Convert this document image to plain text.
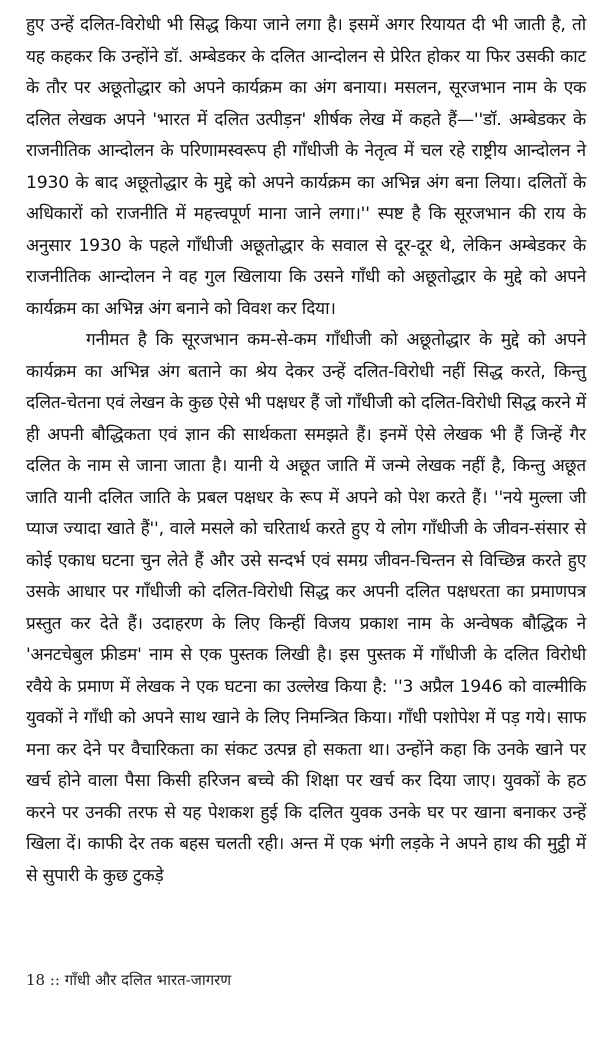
हुए उन्हें दलित-विरोधी भी सिद्ध किया जाने लगा है। इसमें अगर रियायत दी भी जाती है, तो यह कहकर कि उन्होंने डॉ. अम्बेडकर के दलित आन्दोलन से प्रेरित होकर या फिर उसकी काट के तौर पर अछूतोद्धार को अपने कार्यक्रम का अंग बनाया। मसलन, सूरजभान नाम के एक दलित लेखक अपने 'भारत में दलित उत्पीड़न' शीर्षक लेख में कहते हैं—''डॉ. अम्बेडकर के राजनीतिक आन्दोलन के परिणामस्वरूप ही गाँधीजी के नेतृत्व में चल रहे राष्ट्रीय आन्दोलन ने 1930 के बाद अछूतोद्धार के मुद्दे को अपने कार्यक्रम का अभिन्न अंग बना लिया। दलितों के अधिकारों को राजनीति में महत्त्वपूर्ण माना जाने लगा।'' स्पष्ट है कि सूरजभान की राय के अनुसार 1930 के पहले गाँधीजी अछूतोद्धार के सवाल से दूर-दूर थे, लेकिन अम्बेडकर के राजनीतिक आन्दोलन ने वह गुल खिलाया कि उसने गाँधी को अछूतोद्धार के मुद्दे को अपने कार्यक्रम का अभिन्न अंग बनाने को विवश कर दिया।

गनीमत है कि सूरजभान कम-से-कम गाँधीजी को अछूतोद्धार के मुद्दे को अपने कार्यक्रम का अभिन्न अंग बताने का श्रेय देकर उन्हें दलित-विरोधी नहीं सिद्ध करते, किन्तु दलित-चेतना एवं लेखन के कुछ ऐसे भी पक्षधर हैं जो गाँधीजी को दलित-विरोधी सिद्ध करने में ही अपनी बौद्धिकता एवं ज्ञान की सार्थकता समझते हैं। इनमें ऐसे लेखक भी हैं जिन्हें गैर दलित के नाम से जाना जाता है। यानी ये अछूत जाति में जन्मे लेखक नहीं है, किन्तु अछूत जाति यानी दलित जाति के प्रबल पक्षधर के रूप में अपने को पेश करते हैं। ''नये मुल्ला जी प्याज ज्यादा खाते हैं'', वाले मसले को चरितार्थ करते हुए ये लोग गाँधीजी के जीवन-संसार से कोई एकाध घटना चुन लेते हैं और उसे सन्दर्भ एवं समग्र जीवन-चिन्तन से विच्छिन्न करते हुए उसके आधार पर गाँधीजी को दलित-विरोधी सिद्ध कर अपनी दलित पक्षधरता का प्रमाणपत्र प्रस्तुत कर देते हैं। उदाहरण के लिए किन्हीं विजय प्रकाश नाम के अन्वेषक बौद्धिक ने 'अनटचेबुल फ्रीडम' नाम से एक पुस्तक लिखी है। इस पुस्तक में गाँधीजी के दलित विरोधी रवैये के प्रमाण में लेखक ने एक घटना का उल्लेख किया है: ''3 अप्रैल 1946 को वाल्मीकि युवकों ने गाँधी को अपने साथ खाने के लिए निमन्त्रित किया। गाँधी पशोपेश में पड़ गये। साफ मना कर देने पर वैचारिकता का संकट उत्पन्न हो सकता था। उन्होंने कहा कि उनके खाने पर खर्च होने वाला पैसा किसी हरिजन बच्चे की शिक्षा पर खर्च कर दिया जाए। युवकों के हठ करने पर उनकी तरफ से यह पेशकश हुई कि दलित युवक उनके घर पर खाना बनाकर उन्हें खिला दें। काफी देर तक बहस चलती रही। अन्त में एक भंगी लड़के ने अपने हाथ की मुट्ठी में से सुपारी के कुछ टुकड़े

18 :: गाँधी और दलित भारत-जागरण
